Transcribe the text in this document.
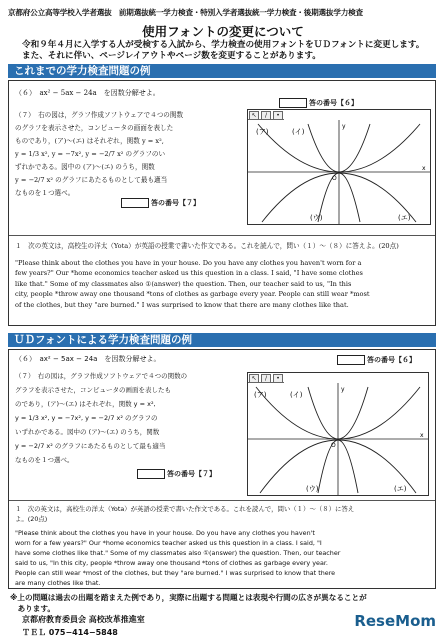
京都府公立高等学校入学者選抜　前期選抜統一学力検査・特別入学者選抜統一学力検査・後期選抜学力検査
使用フォントの変更について
令和９年４月に入学する人が受検する入試から、学力検査の使用フォントをＵＤフォントに変更します。
また、それに伴い、ページレイアウトやページ数を変更することがあります。
これまでの学力検査問題の例
（６）　ax² − 5ax − 24a　を因数分解せよ。
答の番号【６】
（７）　右の図は，グラフ作成ソフトウェアで４つの関数
のグラフを表示させた，コンピュータの画面を表した
ものであり，(ア)〜(エ) はそれぞれ，関数 y = x²,
y = 1/3 x², y = −7x², y = −2/7 x² のグラフのい
ずれかである。図中の (ア)〜(エ) のうち，関数
y = −2/7 x² のグラフにあたるものとして最も適当
なものを１つ選べ。
答の番号【７】
↖	/	•
(ア)	(イ)
(ウ)	(エ)
O
x
y
１　次の英文は，高校生の洋太（Yota）が英語の授業で書いた作文である。これを読んで，問い（１）〜（８）に答えよ。(20点)
"Please think about the clothes you have in your house. Do you have any clothes you haven't worn for a
few years?" Our *home economics teacher asked us this question in a class. I said, "I have some clothes
like that." Some of my classmates also ①(answer) the question. Then, our teacher said to us, "In this
city, people *throw away one thousand *tons of clothes as garbage every year. People can still wear *most
of the clothes, but they "are burned." I was surprised to know that there are many clothes like that.
ＵＤフォントによる学力検査問題の例
（６）　ax² − 5ax − 24a　を因数分解せよ。	答の番号【６】
（７）　右の図は，グラフ作成ソフトウェアで４つの関数の
グラフを表示させた，コンピュータの画面を表したも
のであり，(ア)〜(エ) はそれぞれ，関数 y = x²,
y = 1/3 x², y = −7x², y = −2/7 x² のグラフの
いずれかである。図中の (ア)〜(エ) のうち，関数
y = −2/7 x² のグラフにあたるものとして最も適当
なものを１つ選べ。
答の番号【７】
↖	/	•
(ア)	(イ)
(ウ)	(エ)
O
x
y
１　次の英文は，高校生の洋太（Yota）が英語の授業で書いた作文である。これを読んで，問い（１）〜（８）に答え
よ。(20点)
"Please think about the clothes you have in your house. Do you have any clothes you haven't
worn for a few years?" Our *home economics teacher asked us this question in a class. I said, "I
have some clothes like that." Some of my classmates also ①(answer) the question. Then, our teacher
said to us, "In this city, people *throw away one thousand *tons of clothes as garbage every year.
People can still wear *most of the clothes, but they "are burned." I was surprised to know that there
are many clothes like that.
※上の問題は過去の出題を踏まえた例であり，実際に出題する問題とは表現や行間の広さが異なることが
　あります。
京都府教育委員会 高校改革推進室
ＴＥＬ 075−414−5848
ReseMom
